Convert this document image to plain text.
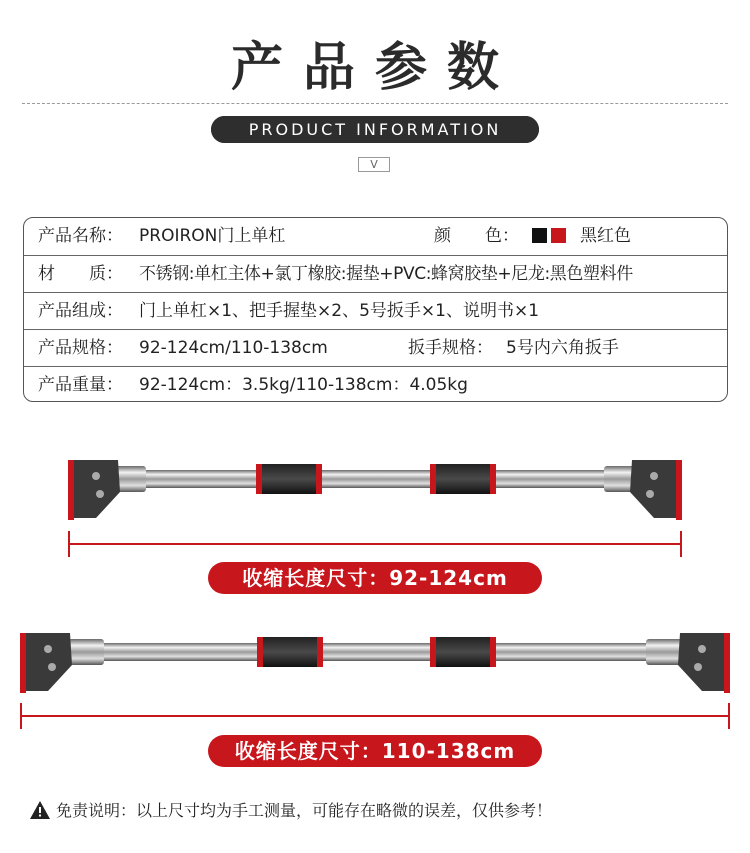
产品参数
PRODUCT INFORMATION
V
产品名称： PROIRON门上单杠	颜　　色：	黑红色
材　　质： 不锈钢:单杠主体+氯丁橡胶:握垫+PVC:蜂窝胶垫+尼龙:黑色塑料件
产品组成： 门上单杠×1、把手握垫×2、5号扳手×1、说明书×1
产品规格： 92-124cm/110-138cm	扳手规格： 5号内六角扳手
产品重量： 92-124cm：3.5kg/110-138cm：4.05kg
收缩长度尺寸：92-124cm
收缩长度尺寸：110-138cm
免责说明：以上尺寸均为手工测量，可能存在略微的误差，仅供参考！
